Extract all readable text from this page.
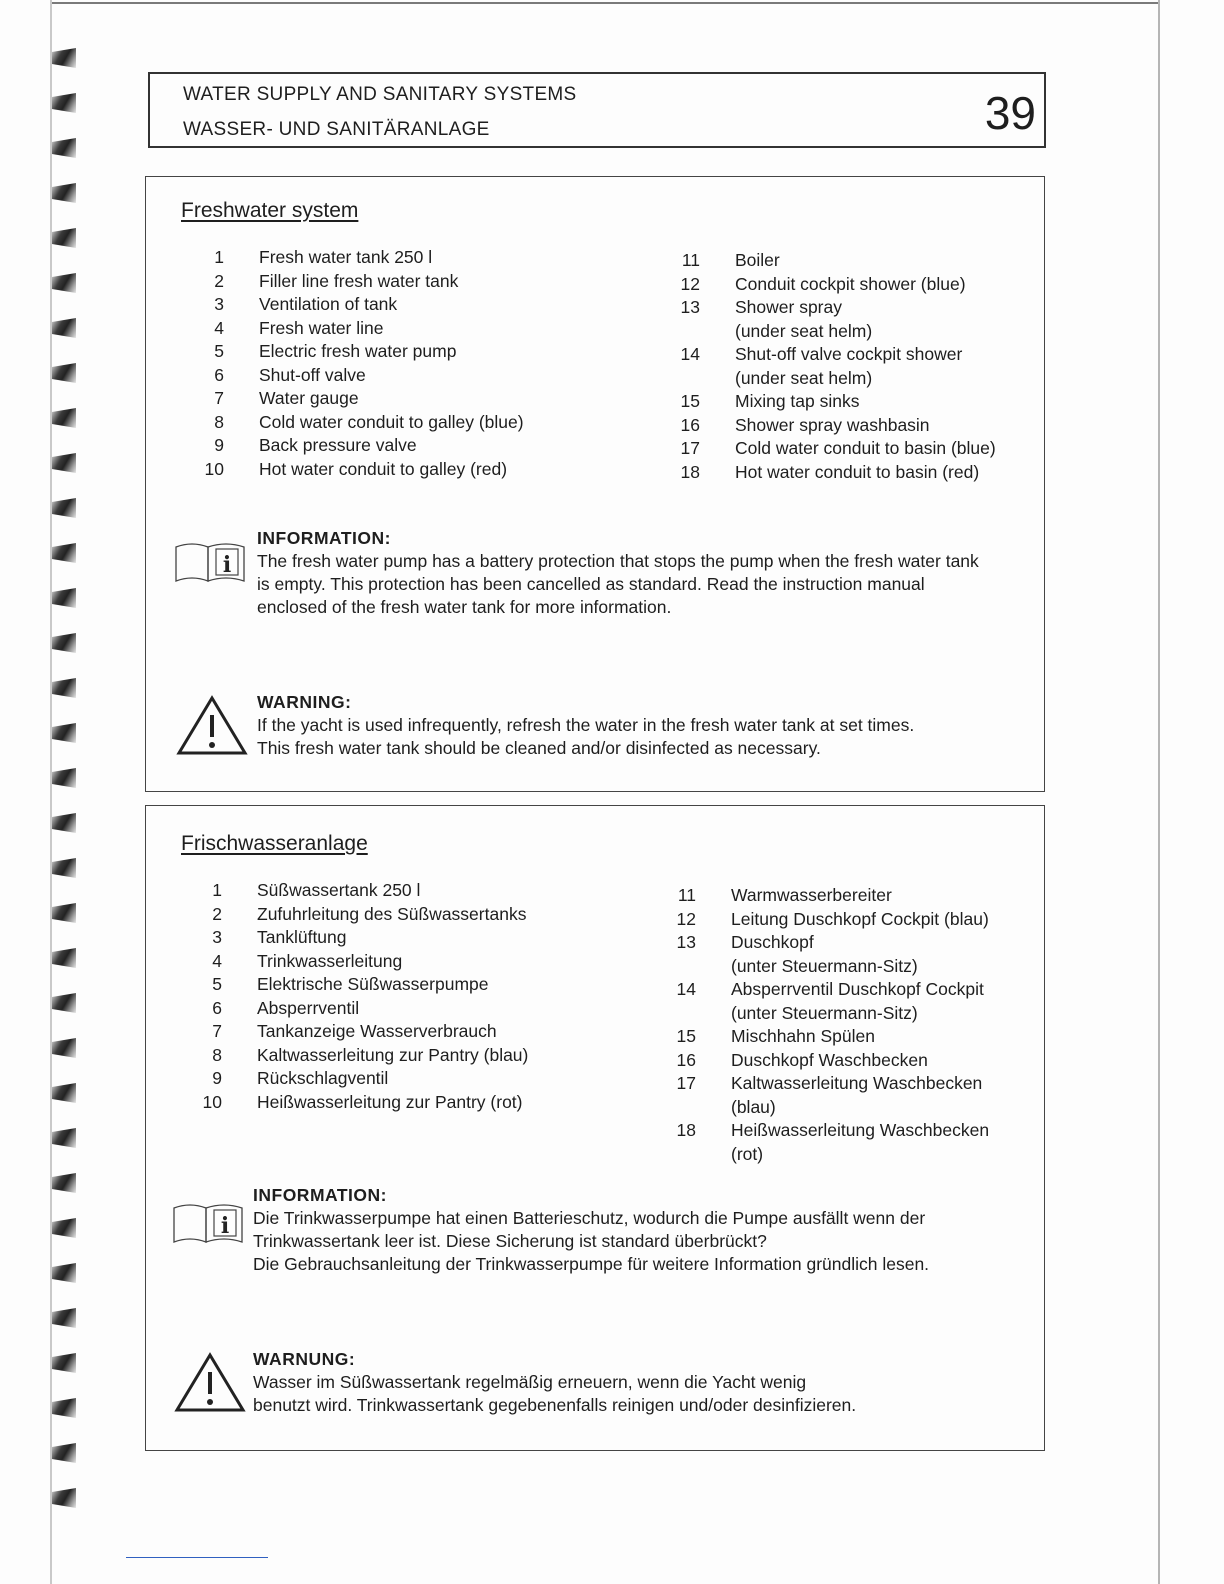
WATER SUPPLY AND SANITARY SYSTEMS
WASSER- UND SANITÄRANLAGE	39
Freshwater system
1	Fresh water tank 250 l
2	Filler line fresh water tank
3	Ventilation of tank
4	Fresh water line
5	Electric fresh water pump
6	Shut-off valve
7	Water gauge
8	Cold water conduit to galley (blue)
9	Back pressure valve
10	Hot water conduit to galley (red)
11	Boiler
12	Conduit cockpit shower (blue)
13	Shower spray
(under seat helm)
14	Shut-off valve cockpit shower
(under seat helm)
15	Mixing tap sinks
16	Shower spray washbasin
17	Cold water conduit to basin (blue)
18	Hot water conduit to basin (red)
i
INFORMATION:
The fresh water pump has a battery protection that stops the pump when the fresh water tank
is empty. This protection has been cancelled as standard. Read the instruction manual
enclosed of the fresh water tank for more information.
WARNING:
If the yacht is used infrequently, refresh the water in the fresh water tank at set times.
This fresh water tank should be cleaned and/or disinfected as necessary.
Frischwasseranlage
1	Süßwassertank 250 l
2	Zufuhrleitung des Süßwassertanks
3	Tanklüftung
4	Trinkwasserleitung
5	Elektrische Süßwasserpumpe
6	Absperrventil
7	Tankanzeige Wasserverbrauch
8	Kaltwasserleitung zur Pantry (blau)
9	Rückschlagventil
10	Heißwasserleitung zur Pantry (rot)
11	Warmwasserbereiter
12	Leitung Duschkopf Cockpit (blau)
13	Duschkopf
(unter Steuermann-Sitz)
14	Absperrventil Duschkopf Cockpit
(unter Steuermann-Sitz)
15	Mischhahn Spülen
16	Duschkopf Waschbecken
17	Kaltwasserleitung Waschbecken
(blau)
18	Heißwasserleitung Waschbecken
(rot)
i
INFORMATION:
Die Trinkwasserpumpe hat einen Batterieschutz, wodurch die Pumpe ausfällt wenn der
Trinkwassertank leer ist. Diese Sicherung ist standard überbrückt?
Die Gebrauchsanleitung der Trinkwasserpumpe für weitere Information gründlich lesen.
WARNUNG:
Wasser im Süßwassertank regelmäßig erneuern, wenn die Yacht wenig
benutzt wird. Trinkwassertank gegebenenfalls reinigen und/oder desinfizieren.
